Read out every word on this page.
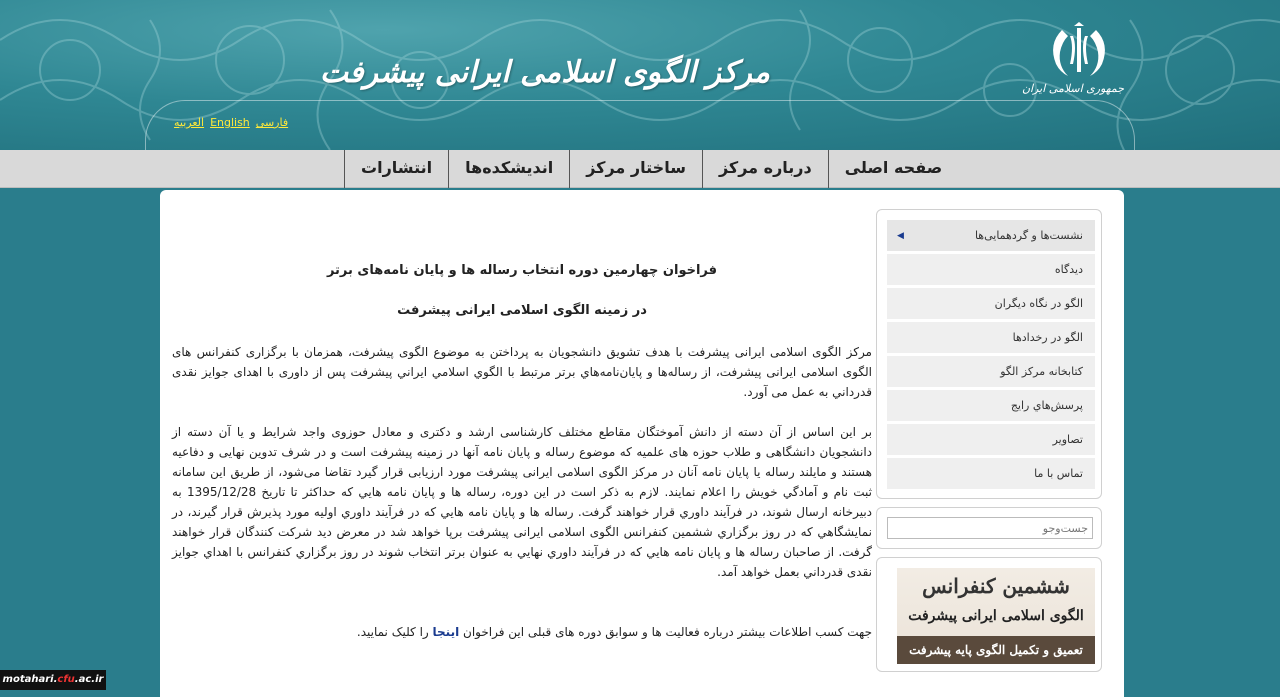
مرکز الگوی اسلامی ایرانی پیشرفت	جمهوری اسلامی ایران
العربیه English فارسی
انتشارات	اندیشکده‌ها	ساختار مرکز	درباره مرکز	صفحه اصلی
فراخوان چهارمین دوره انتخاب رساله ها و پایان نامه‌های برتر
در زمینه الگوی اسلامی ایرانی پیشرفت

مرکز الگوی اسلامی ایرانی پیشرفت با هدف تشویق دانشجویان به پرداختن به موضوع الگوی پیشرفت، همزمان با برگزاری کنفرانس های الگوی اسلامی ایرانی پیشرفت، از رساله‌ها و پایان‌نامه‌هاي برتر مرتبط با الگوي اسلامي ايراني پيشرفت پس از داوری با اهدای جوایز نقدی قدرداني به عمل می آورد.

بر این اساس از آن دسته از دانش آموختگان مقاطع مختلف کارشناسی ارشد و دکتری و معادل حوزوی واجد شرایط و یا آن دسته از دانشجویان دانشگاهی و طلاب حوزه های علمیه که موضوع رساله و پایان نامه آنها در زمینه پیشرفت است و در شرف تدوین نهایی و دفاعیه هستند و مایلند رساله یا پایان نامه آنان در مرکز الگوی اسلامی ایرانی پیشرفت مورد ارزیابی قرار گیرد تقاضا می‌شود، از طریق این سامانه ثبت نام و آمادگي خويش را اعلام نمايند. لازم به ذکر است در این دوره، رساله ها و پایان نامه هايي كه حداكثر تا تاريخ 1395/12/28 به دبيرخانه ارسال شوند، در فرآيند داوري قرار خواهند گرفت. رساله ها و پایان نامه هايي كه در فرآيند داوري اوليه مورد پذيرش قرار گيرند، در نمايشگاهي كه در روز برگزاري ششمين كنفرانس الگوی اسلامی ایرانی پیشرفت برپا خواهد شد در معرض ديد شركت كنندگان قرار خواهند گرفت. از صاحبان رساله ها و پایان نامه هايي كه در فرآيند داوري نهايي به عنوان برتر انتخاب شوند در روز برگزاري كنفرانس با اهداي جوايز نقدی قدرداني بعمل خواهد آمد.

جهت کسب اطلاعات بیشتر درباره فعالیت ها و سوابق دوره های قبلی این فراخوان اینجا را کلیک نمایید.

نشست‌ها و گردهمایی‌ها
◀
دیدگاه
الگو در نگاه دیگران
الگو در رخدادها
کتابخانه مرکز الگو
پرسش‌هاي رايج
تصاویر
تماس با ما
جست‌وجو
ششمین کنفرانس
الگوی اسلامی ایرانی پیشرفت
تعمیق و تکمیل الگوی پایه پیشرفت
motahari.cfu.ac.ir
